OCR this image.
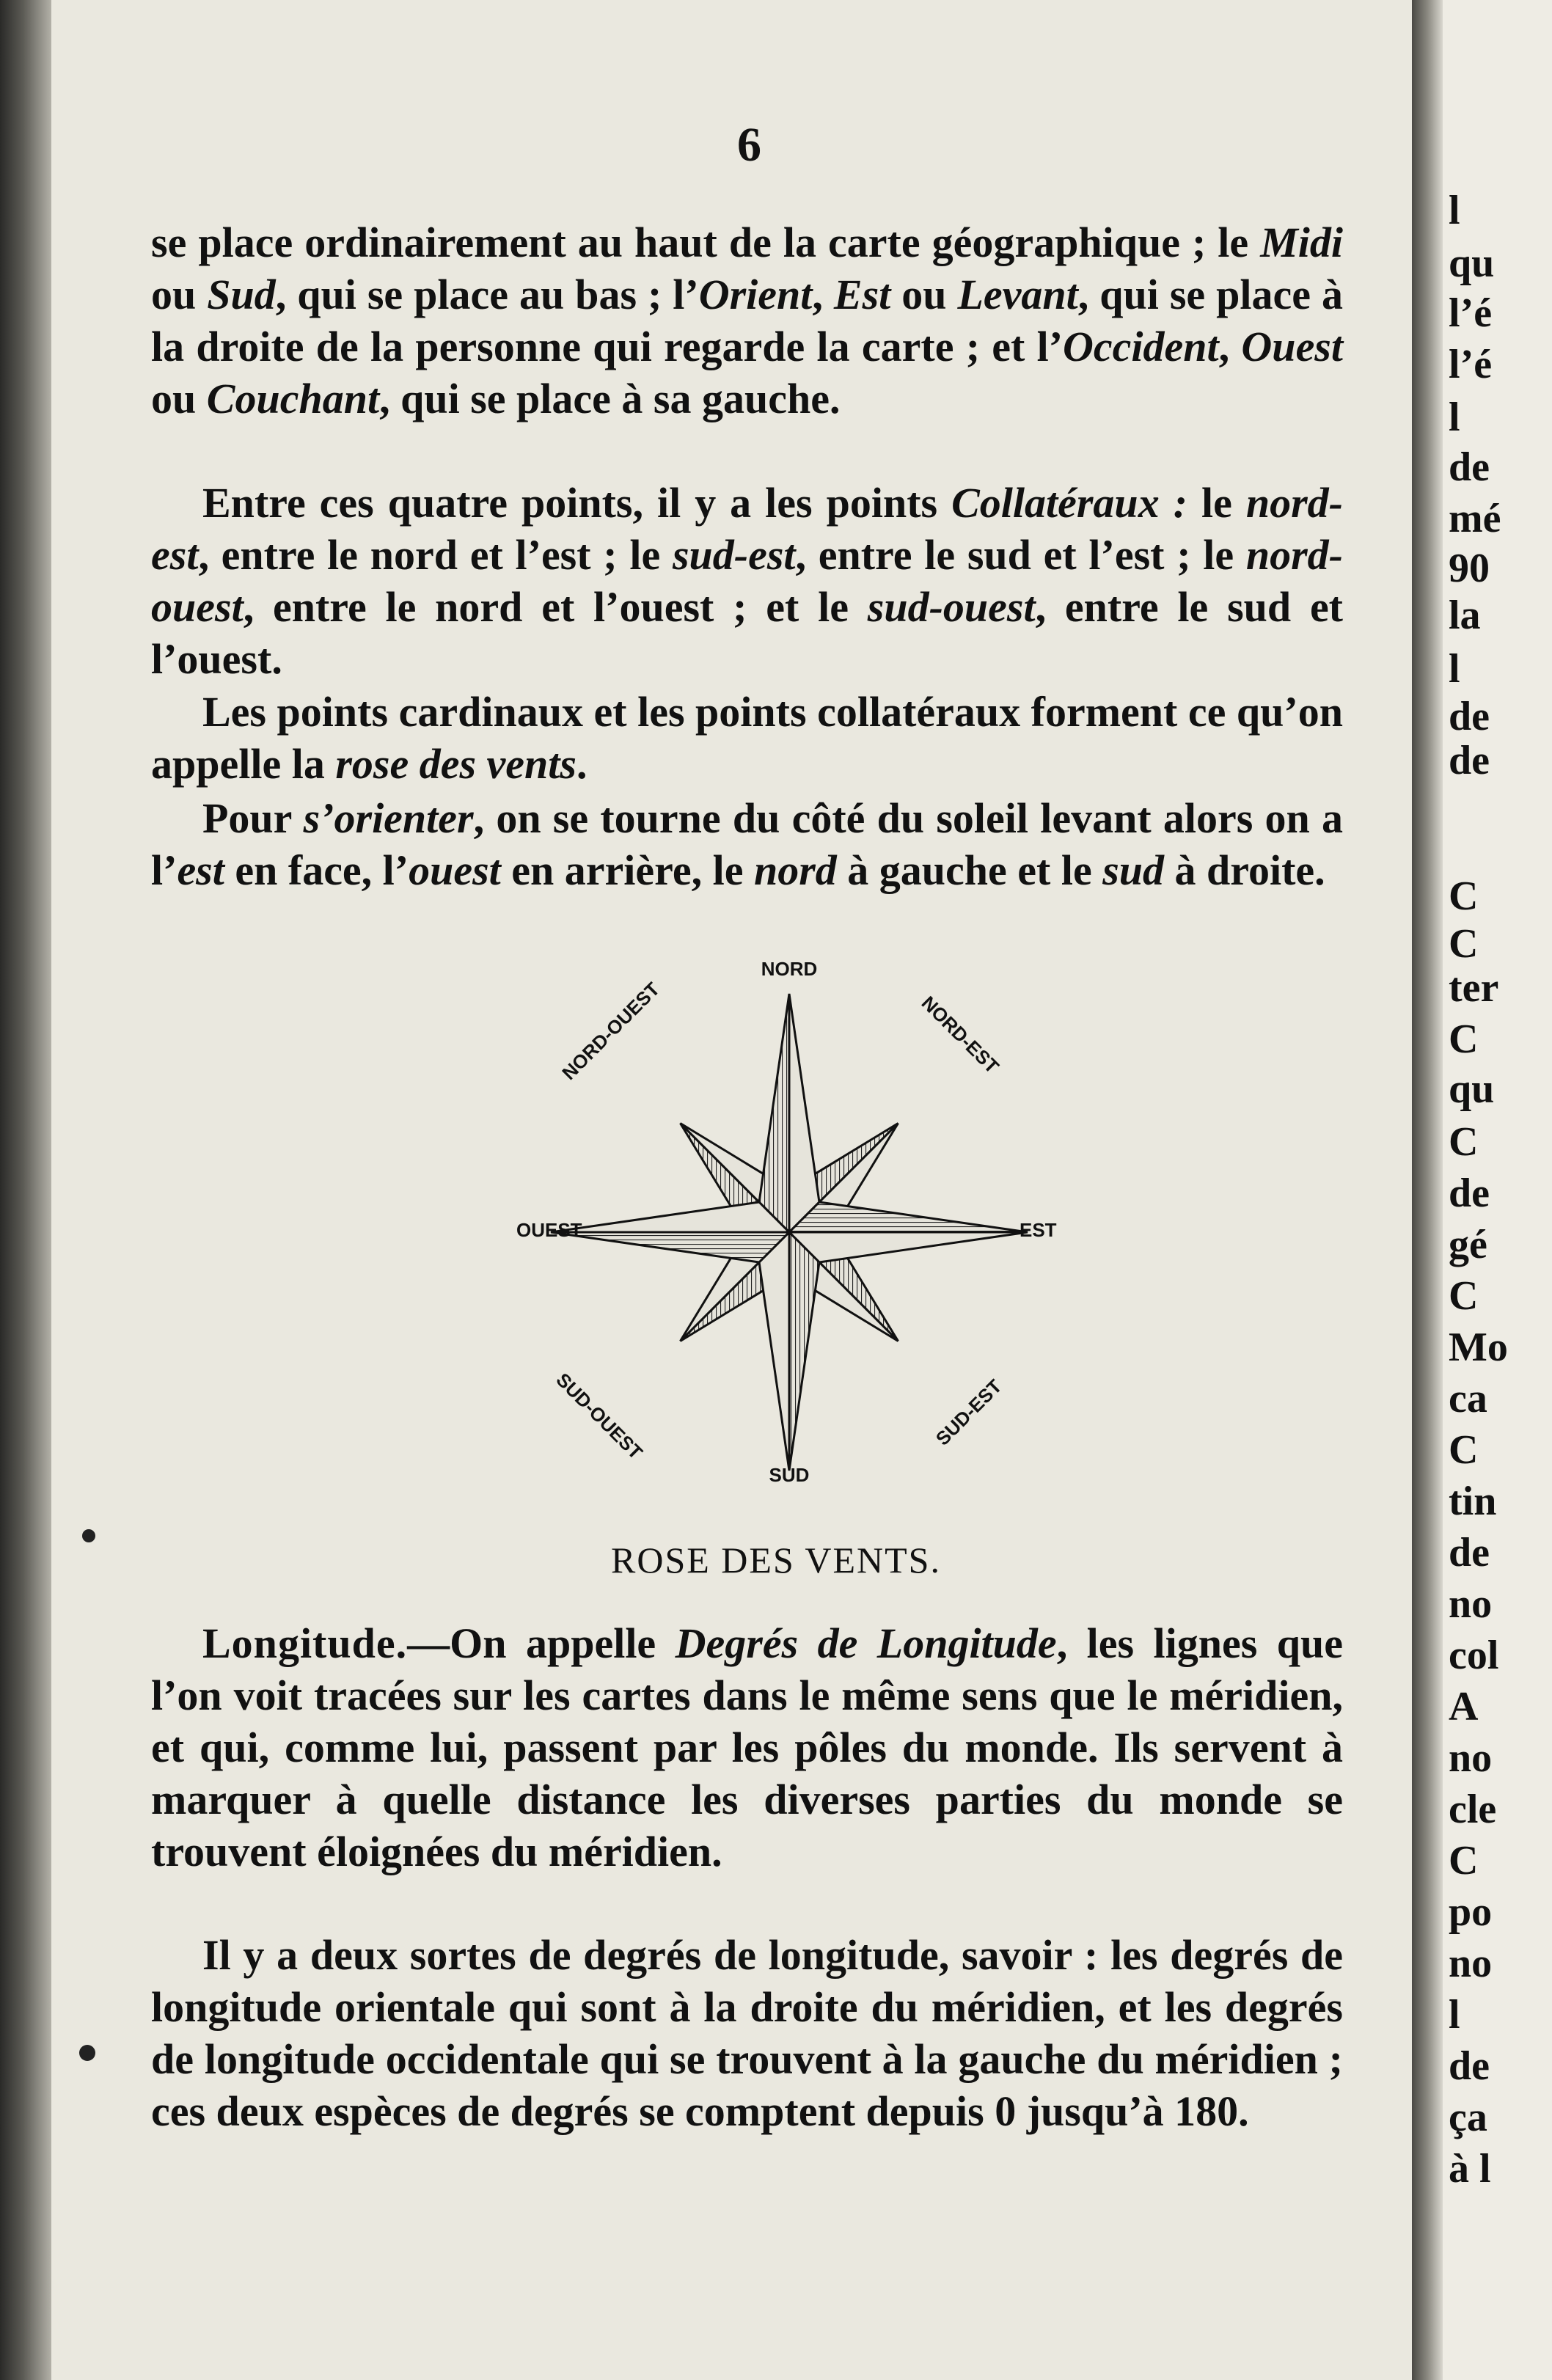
6

se place ordinairement au haut de la carte géographique ; le Midi ou Sud, qui se place au bas ; l’Orient, Est ou Levant, qui se place à la droite de la personne qui regarde la carte ; et l’Occident, Ouest ou Couchant, qui se place à sa gauche.

Entre ces quatre points, il y a les points Collatéraux : le nord-est, entre le nord et l’est ; le sud-est, entre le sud et l’est ; le nord-ouest, entre le nord et l’ouest ; et le sud-ouest, entre le sud et l’ouest.

Les points cardinaux et les points collatéraux forment ce qu’on appelle la rose des vents.

Pour s’orienter, on se tourne du côté du soleil levant alors on a l’est en face, l’ouest en arrière, le nord à gauche et le sud à droite.

NORD
SUD
EST
OUEST
NORD-EST
NORD-OUEST
SUD-EST
SUD-OUEST

ROSE DES VENTS.

Longitude.—On appelle Degrés de Longitude, les lignes que l’on voit tracées sur les cartes dans le même sens que le méridien, et qui, comme lui, passent par les pôles du monde. Ils servent à marquer à quelle distance les diverses parties du monde se trouvent éloignées du méridien.

Il y a deux sortes de degrés de longitude, savoir : les degrés de longitude orientale qui sont à la droite du méridien, et les degrés de longitude occidentale qui se trouvent à la gauche du méridien ; ces deux espèces de degrés se comptent depuis 0 jusqu’à 180.

l

qu

l’é

l’é

l

de

mé

90

la

l

de

de

C

C

ter

C

qu

C

de

gé

C

Mo

ca

C

tin

de

no

col

A

no

cle

C

po

no

l

de

ça

à l
